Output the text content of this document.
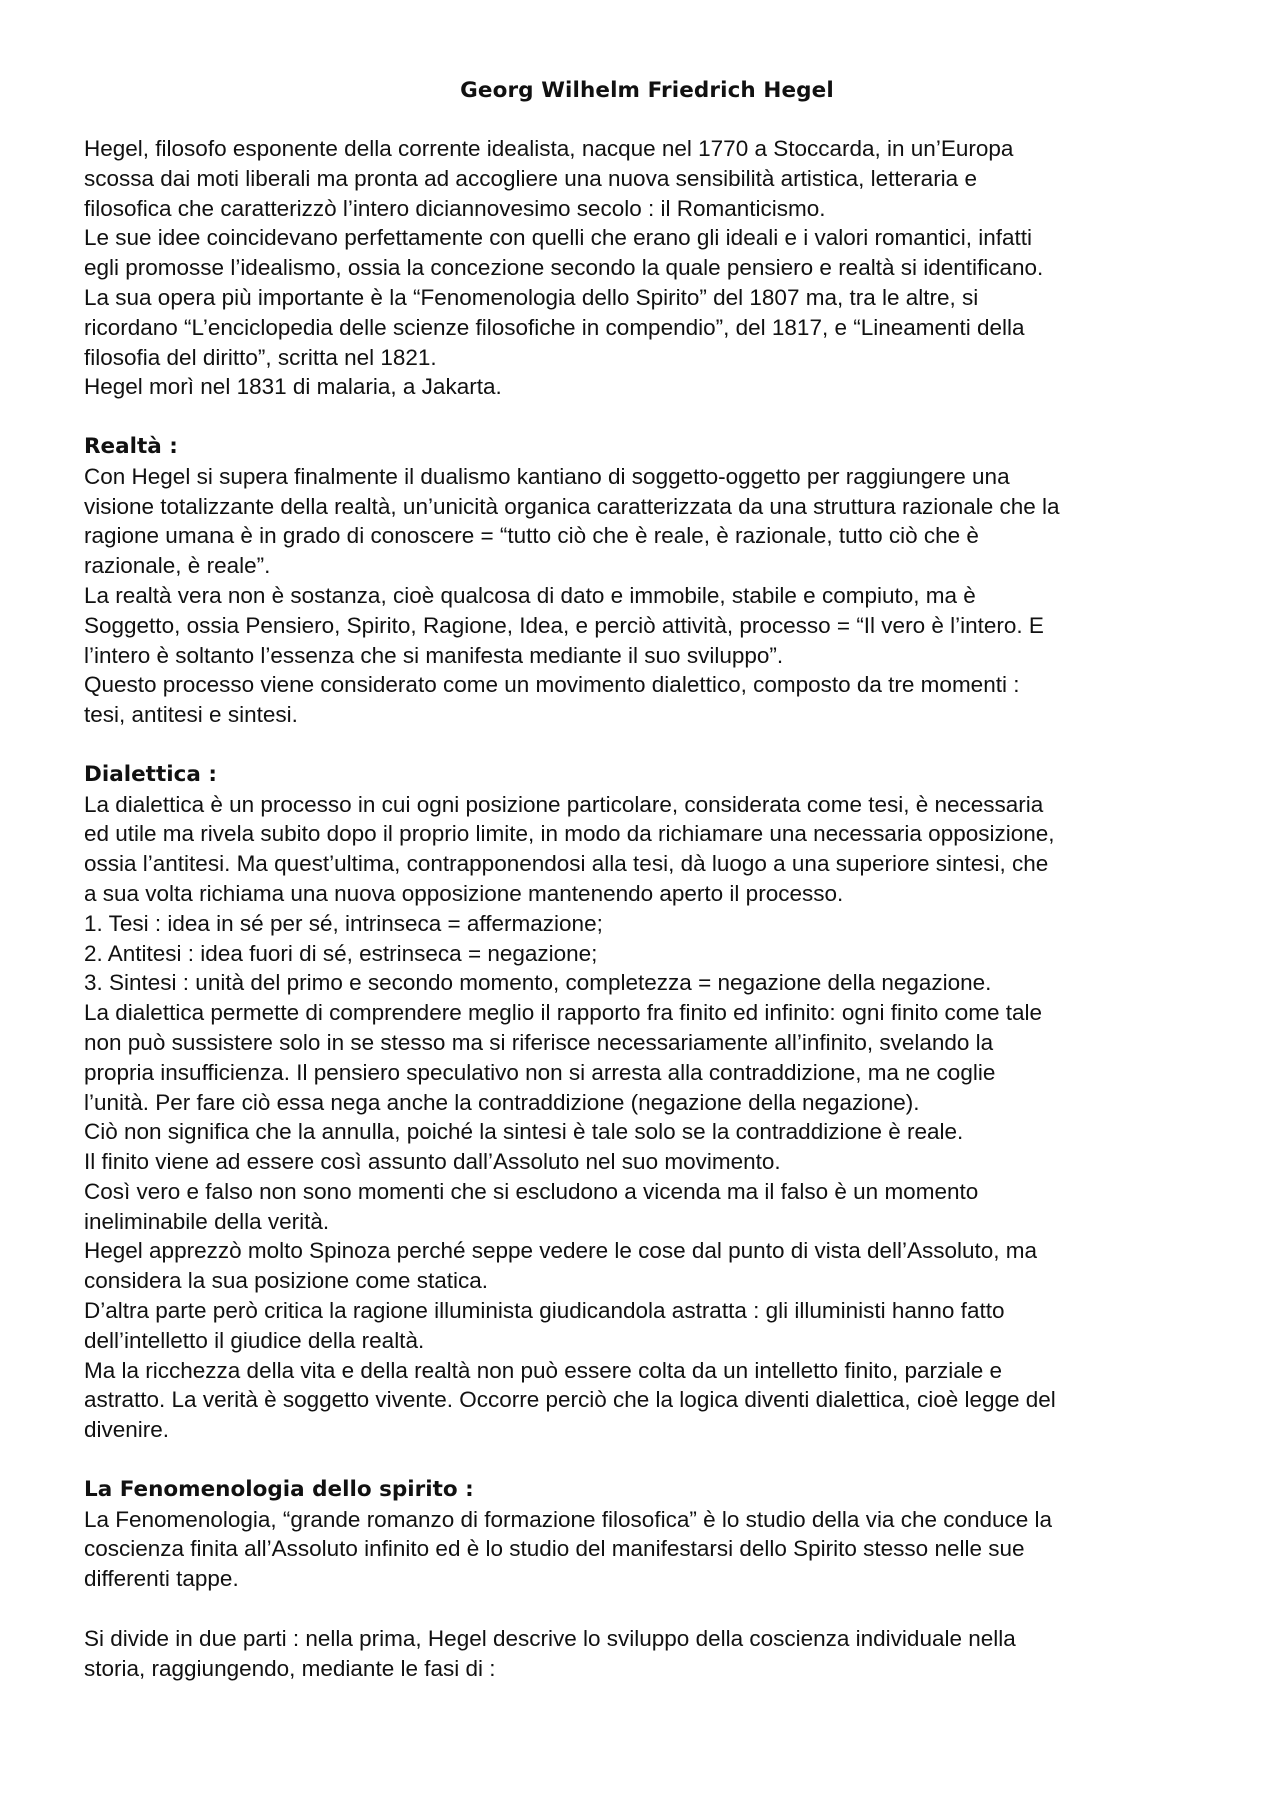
Georg Wilhelm Friedrich Hegel

Hegel, filosofo esponente della corrente idealista, nacque nel 1770 a Stoccarda, in un’Europa

scossa dai moti liberali ma pronta ad accogliere una nuova sensibilità artistica, letteraria e

filosofica che caratterizzò l’intero diciannovesimo secolo : il Romanticismo.

Le sue idee coincidevano perfettamente con quelli che erano gli ideali e i valori romantici, infatti

egli promosse l’idealismo, ossia la concezione secondo la quale pensiero e realtà si identificano.

La sua opera più importante è la “Fenomenologia dello Spirito” del 1807 ma, tra le altre, si

ricordano “L’enciclopedia delle scienze filosofiche in compendio”, del 1817, e “Lineamenti della

filosofia del diritto”, scritta nel 1821.

Hegel morì nel 1831 di malaria, a Jakarta.

Realtà :

Con Hegel si supera finalmente il dualismo kantiano di soggetto-oggetto per raggiungere una

visione totalizzante della realtà, un’unicità organica caratterizzata da una struttura razionale che la

ragione umana è in grado di conoscere = “tutto ciò che è reale, è razionale, tutto ciò che è

razionale, è reale”.

La realtà vera non è sostanza, cioè qualcosa di dato e immobile, stabile e compiuto, ma è

Soggetto, ossia Pensiero, Spirito, Ragione, Idea, e perciò attività, processo = “Il vero è l’intero. E

l’intero è soltanto l’essenza che si manifesta mediante il suo sviluppo”.

Questo processo viene considerato come un movimento dialettico, composto da tre momenti :

tesi, antitesi e sintesi.

Dialettica :

La dialettica è un processo in cui ogni posizione particolare, considerata come tesi, è necessaria

ed utile ma rivela subito dopo il proprio limite, in modo da richiamare una necessaria opposizione,

ossia l’antitesi. Ma quest’ultima, contrapponendosi alla tesi, dà luogo a una superiore sintesi, che

a sua volta richiama una nuova opposizione mantenendo aperto il processo.

1. Tesi : idea in sé per sé, intrinseca = affermazione;

2. Antitesi : idea fuori di sé, estrinseca = negazione;

3. Sintesi : unità del primo e secondo momento, completezza = negazione della negazione.

La dialettica permette di comprendere meglio il rapporto fra finito ed infinito: ogni finito come tale

non può sussistere solo in se stesso ma si riferisce necessariamente all’infinito, svelando la

propria insufficienza. Il pensiero speculativo non si arresta alla contraddizione, ma ne coglie

l’unità. Per fare ciò essa nega anche la contraddizione (negazione della negazione).

Ciò non significa che la annulla, poiché la sintesi è tale solo se la contraddizione è reale.

Il finito viene ad essere così assunto dall’Assoluto nel suo movimento.

Così vero e falso non sono momenti che si escludono a vicenda ma il falso è un momento

ineliminabile della verità.

Hegel apprezzò molto Spinoza perché seppe vedere le cose dal punto di vista dell’Assoluto, ma

considera la sua posizione come statica.

D’altra parte però critica la ragione illuminista giudicandola astratta : gli illuministi hanno fatto

dell’intelletto il giudice della realtà.

Ma la ricchezza della vita e della realtà non può essere colta da un intelletto finito, parziale e

astratto. La verità è soggetto vivente. Occorre perciò che la logica diventi dialettica, cioè legge del

divenire.

La Fenomenologia dello spirito :

La Fenomenologia, “grande romanzo di formazione filosofica” è lo studio della via che conduce la

coscienza finita all’Assoluto infinito ed è lo studio del manifestarsi dello Spirito stesso nelle sue

differenti tappe.

Si divide in due parti : nella prima, Hegel descrive lo sviluppo della coscienza individuale nella

storia, raggiungendo, mediante le fasi di :
